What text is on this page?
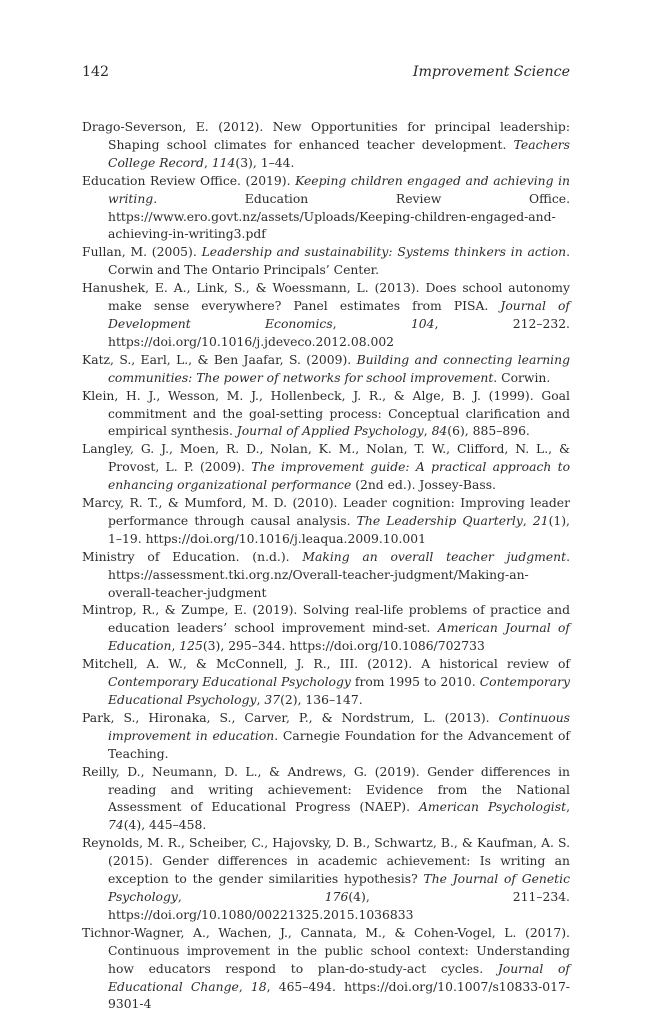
142	Improvement Science

Drago-Severson, E. (2012). New Opportunities for principal leadership: Shaping school climates for enhanced teacher development. Teachers College Record, 114(3), 1–44.

Education Review Office. (2019). Keeping children engaged and achieving in writing. Education Review Office. https://www.ero.govt.nz/assets/Uploads/Keeping-children-engaged-and-achieving-in-writing3.pdf

Fullan, M. (2005). Leadership and sustainability: Systems thinkers in action. Corwin and The Ontario Principals’ Center.

Hanushek, E. A., Link, S., & Woessmann, L. (2013). Does school autonomy make sense everywhere? Panel estimates from PISA. Journal of Development Economics, 104, 212–232. https://doi.org/10.1016/j.jdeveco.2012.08.002

Katz, S., Earl, L., & Ben Jaafar, S. (2009). Building and connecting learning communities: The power of networks for school improvement. Corwin.

Klein, H. J., Wesson, M. J., Hollenbeck, J. R., & Alge, B. J. (1999). Goal commitment and the goal-setting process: Conceptual clarification and empirical synthesis. Journal of Applied Psychology, 84(6), 885–896.

Langley, G. J., Moen, R. D., Nolan, K. M., Nolan, T. W., Clifford, N. L., & Provost, L. P. (2009). The improvement guide: A practical approach to enhancing organizational performance (2nd ed.). Jossey-Bass.

Marcy, R. T., & Mumford, M. D. (2010). Leader cognition: Improving leader performance through causal analysis. The Leadership Quarterly, 21(1), 1–19. https://doi.org/10.1016/j.leaqua.2009.10.001

Ministry of Education. (n.d.). Making an overall teacher judgment. https://assessment.tki.org.nz/Overall-teacher-judgment/Making-an-overall-teacher-judgment

Mintrop, R., & Zumpe, E. (2019). Solving real-life problems of practice and education leaders’ school improvement mind-set. American Journal of Education, 125(3), 295–344. https://doi.org/10.1086/702733

Mitchell, A. W., & McConnell, J. R., III. (2012). A historical review of Contemporary Educational Psychology from 1995 to 2010. Contemporary Educational Psychology, 37(2), 136–147.

Park, S., Hironaka, S., Carver, P., & Nordstrum, L. (2013). Continuous improvement in education. Carnegie Foundation for the Advancement of Teaching.

Reilly, D., Neumann, D. L., & Andrews, G. (2019). Gender differences in reading and writing achievement: Evidence from the National Assessment of Educational Progress (NAEP). American Psychologist, 74(4), 445–458.

Reynolds, M. R., Scheiber, C., Hajovsky, D. B., Schwartz, B., & Kaufman, A. S. (2015). Gender differences in academic achievement: Is writing an exception to the gender similarities hypothesis? The Journal of Genetic Psychology, 176(4), 211–234. https://doi.org/10.1080/00221325.2015.1036833

Tichnor-Wagner, A., Wachen, J., Cannata, M., & Cohen-Vogel, L. (2017). Continuous improvement in the public school context: Understanding how educators respond to plan-do-study-act cycles. Journal of Educational Change, 18, 465–494. https://doi.org/10.1007/s10833-017-9301-4
